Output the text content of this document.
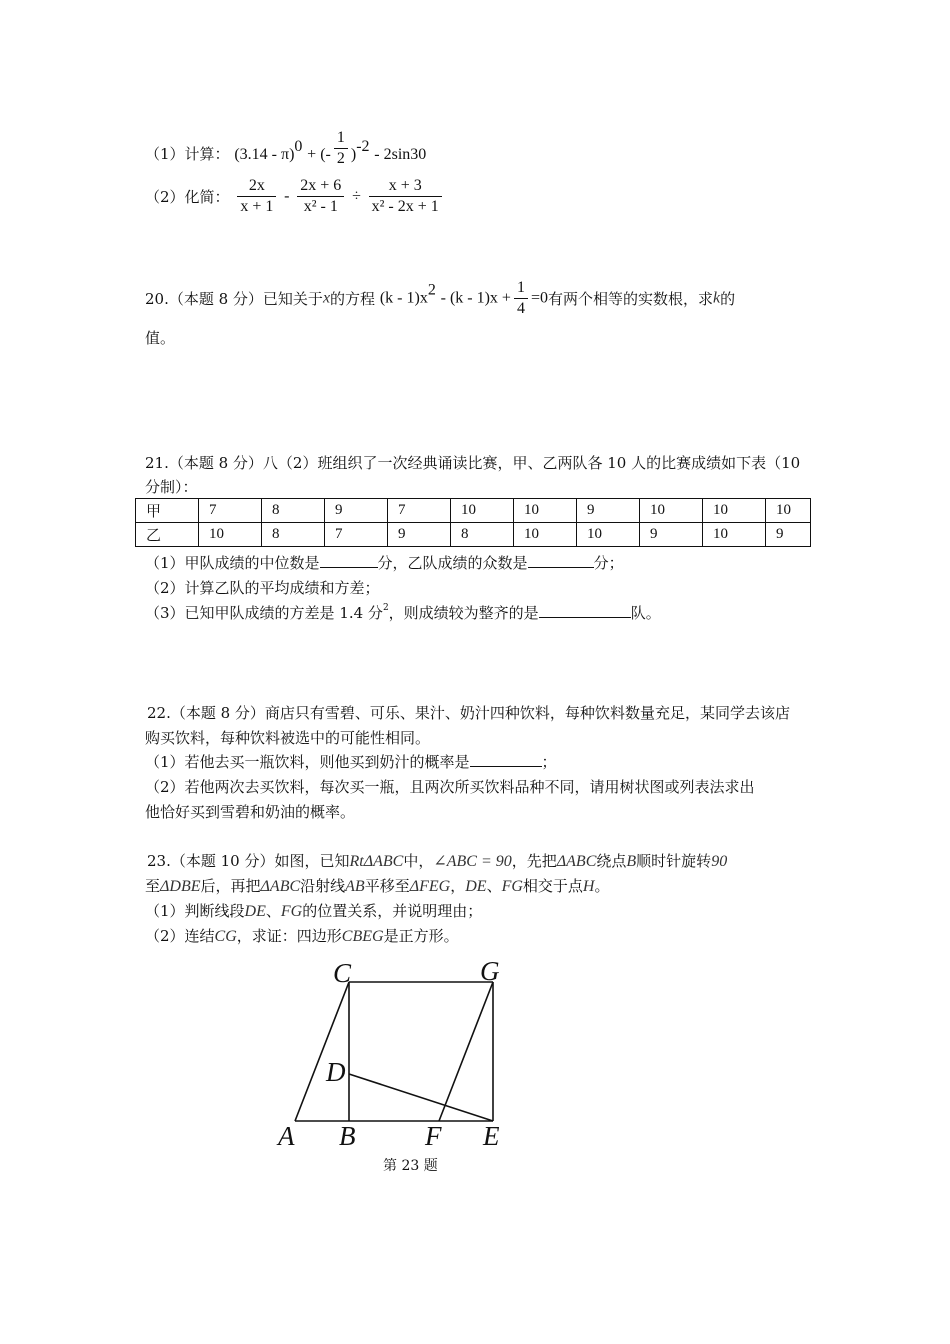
（1）计算： (3.14 - π)$^0$ + (- $\frac{1}{2} )^{-2} - 2\sin 30$
（2）化简： $\frac{2x}{x + 1} - \frac{2x + 6}{\text{x² - 1}} \div \frac{x + 3}{\text{x² - 2x + 1}}$
20.（本题 8 分）已知关于x的方程 $(k - 1)x^2 - (k - 1)x + \frac{1}{4} =0$有两个相等的实数根，求k的
值。
21.（本题 8 分）八（2）班组织了一次经典诵读比赛，甲、乙两队各 10 人的比赛成绩如下表（10
分制）：
甲	7	8	9	7	10	10	9	10	10	10
乙	10	8	7	9	8	10	10	9	10	9
（1）甲队成绩的中位数是	分，乙队成绩的众数是	分；
（2）计算乙队的平均成绩和方差；
（3）已知甲队成绩的方差是 1.4 分$^2$，则成绩较为整齐的是	队。
22.（本题 8 分）商店只有雪碧、可乐、果汁、奶汁四种饮料，每种饮料数量充足，某同学去该店
购买饮料，每种饮料被选中的可能性相同。
（1）若他去买一瓶饮料，则他买到奶汁的概率是	；
（2）若他两次去买饮料，每次买一瓶，且两次所买饮料品种不同，请用树状图或列表法求出
他恰好买到雪碧和奶油的概率。
23.（本题 10 分）如图，已知RtΔABC中，∠ABC = 90，先把ΔABC绕点B顺时针旋转90
至ΔDBE后，再把ΔABC沿射线AB平移至ΔFEG，DE、FG相交于点H。
（1）判断线段DE、FG的位置关系，并说明理由；
（2）连结CG，求证：四边形CBEG是正方形。
C	G
D
A B	F E
第 23 题
